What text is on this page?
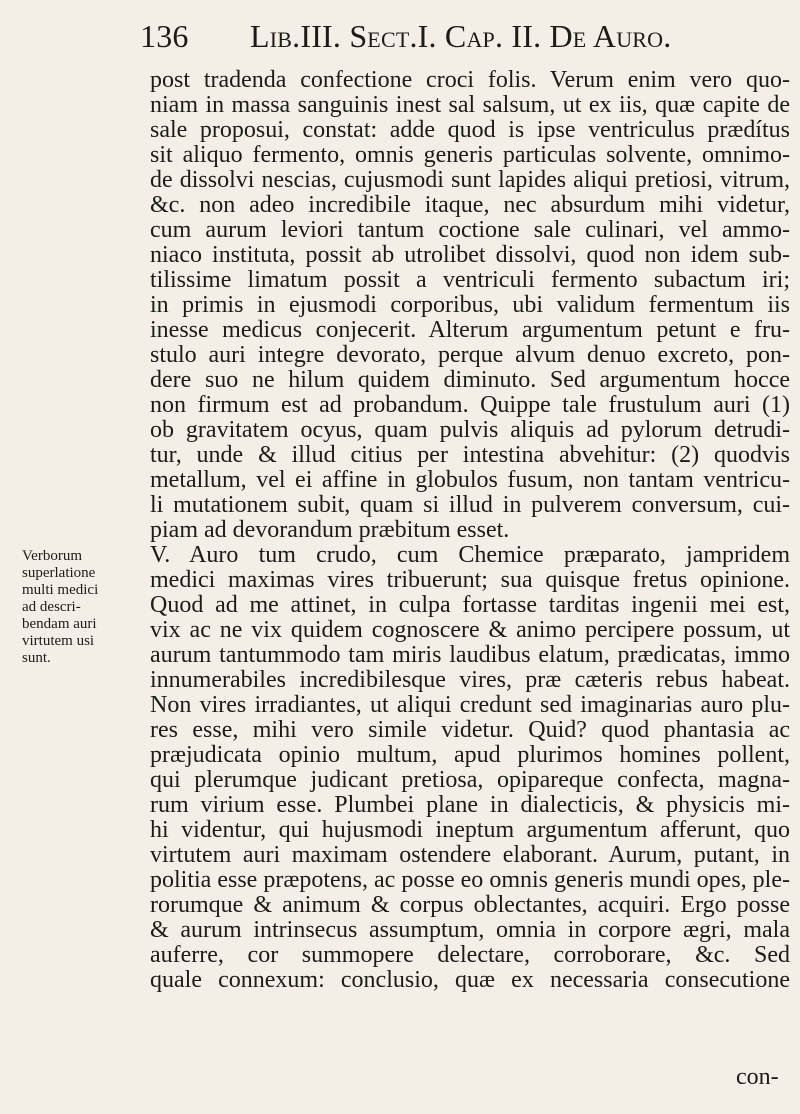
136 Lib.III. Sect.I. Cap. II. De Auro.
Verborum
superlatione
multi medici
ad descri-
bendam auri
virtutem usi
sunt.
post tradenda confectione croci folis. Verum enim vero quo-
niam in massa sanguinis inest sal salsum, ut ex iis, quæ capite de
sale proposui, constat: adde quod is ipse ventriculus prædítus
sit aliquo fermento, omnis generis particulas solvente, omnimo-
de dissolvi nescias, cujusmodi sunt lapides aliqui pretiosi, vitrum,
&c. non adeo incredibile itaque, nec absurdum mihi videtur,
cum aurum leviori tantum coctione sale culinari, vel ammo-
niaco instituta, possit ab utrolibet dissolvi, quod non idem sub-
tilissime limatum possit a ventriculi fermento subactum iri;
in primis in ejusmodi corporibus, ubi validum fermentum iis
inesse medicus conjecerit. Alterum argumentum petunt e fru-
stulo auri integre devorato, perque alvum denuo excreto, pon-
dere suo ne hilum quidem diminuto. Sed argumentum hocce
non firmum est ad probandum. Quippe tale frustulum auri (1)
ob gravitatem ocyus, quam pulvis aliquis ad pylorum detrudi-
tur, unde & illud citius per intestina abvehitur: (2) quodvis
metallum, vel ei affine in globulos fusum, non tantam ventricu-
li mutationem subit, quam si illud in pulverem conversum, cui-
piam ad devorandum præbitum esset.
V. Auro tum crudo, cum Chemice præparato, jampridem
medici maximas vires tribuerunt; sua quisque fretus opinione.
Quod ad me attinet, in culpa fortasse tarditas ingenii mei est,
vix ac ne vix quidem cognoscere & animo percipere possum, ut
aurum tantummodo tam miris laudibus elatum, prædicatas, immo
innumerabiles incredibilesque vires, præ cæteris rebus habeat.
Non vires irradiantes, ut aliqui credunt sed imaginarias auro plu-
res esse, mihi vero simile videtur. Quid? quod phantasia ac
præjudicata opinio multum, apud plurimos homines pollent,
qui plerumque judicant pretiosa, opipareque confecta, magna-
rum virium esse. Plumbei plane in dialecticis, & physicis mi-
hi videntur, qui hujusmodi ineptum argumentum afferunt, quo
virtutem auri maximam ostendere elaborant. Aurum, putant, in
politia esse præpotens, ac posse eo omnis generis mundi opes, ple-
rorumque & animum & corpus oblectantes, acquiri. Ergo posse
& aurum intrinsecus assumptum, omnia in corpore ægri, mala
auferre, cor summopere delectare, corroborare, &c. Sed
quale connexum: conclusio, quæ ex necessaria consecutione
con-
